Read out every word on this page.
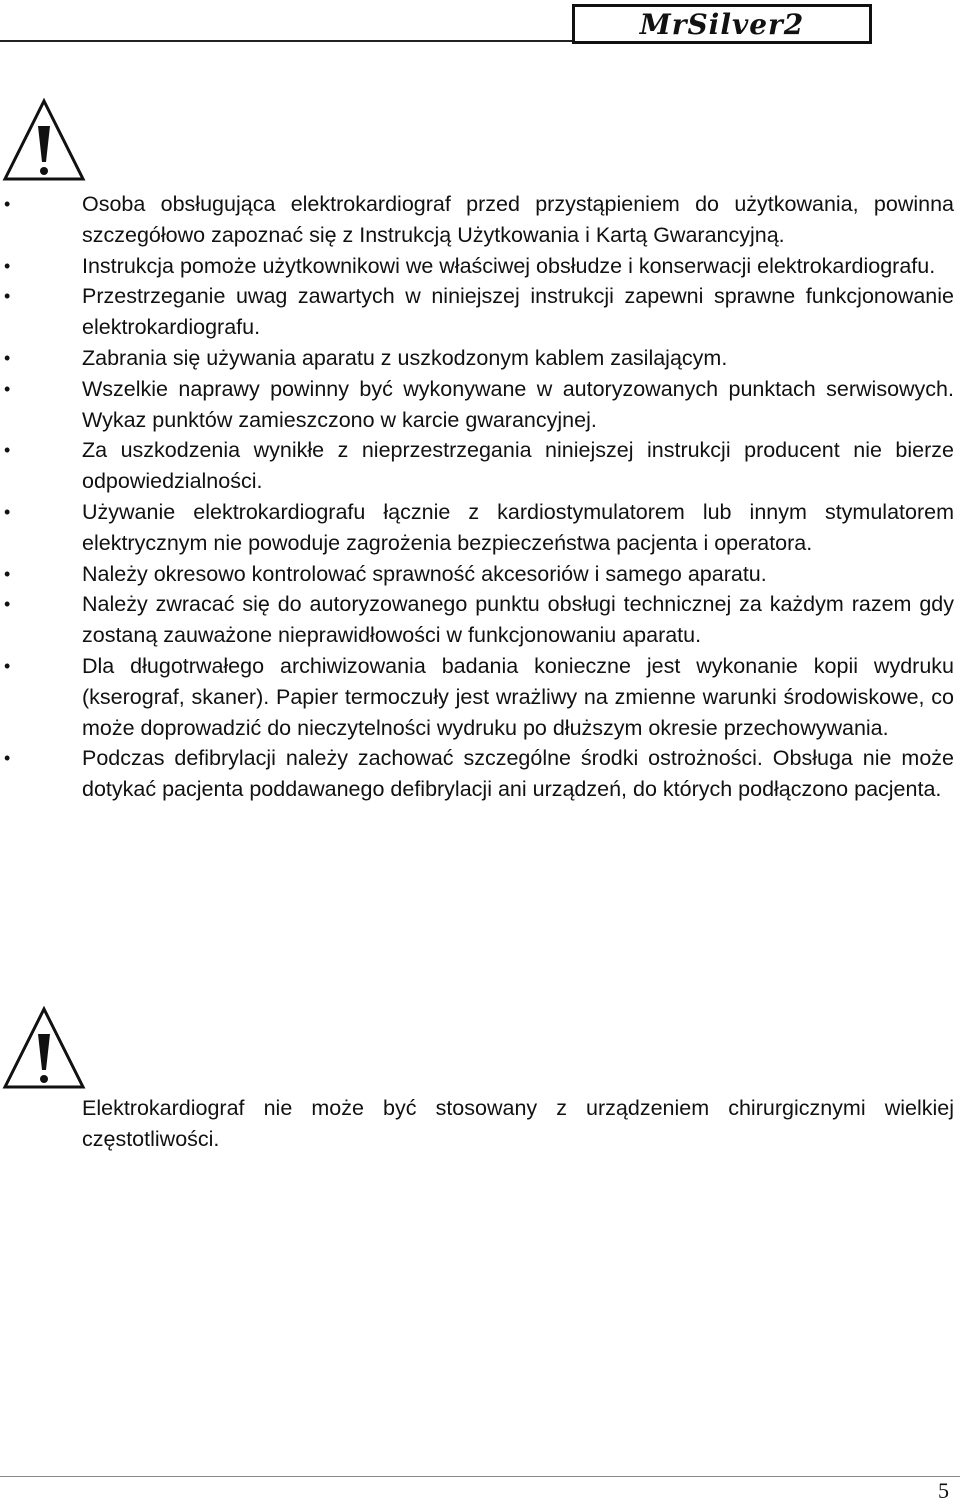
MrSilver2
•	Osoba obsługująca elektrokardiograf przed przystąpieniem do użytkowania, powinna szczegółowo zapoznać się z Instrukcją Użytkowania i Kartą Gwarancyjną.
•	Instrukcja pomoże użytkownikowi we właściwej obsłudze i konserwacji elektrokardiografu.
•	Przestrzeganie uwag zawartych w niniejszej instrukcji zapewni sprawne funkcjonowanie elektrokardiografu.
•	Zabrania się używania aparatu z uszkodzonym kablem zasilającym.
•	Wszelkie naprawy powinny być wykonywane w autoryzowanych punktach serwisowych. Wykaz punktów zamieszczono w karcie gwarancyjnej.
•	Za uszkodzenia wynikłe z nieprzestrzegania niniejszej instrukcji producent nie bierze odpowiedzialności.
•	Używanie elektrokardiografu łącznie z kardiostymulatorem lub innym stymulatorem elektrycznym nie powoduje zagrożenia bezpieczeństwa pacjenta i operatora.
•	Należy okresowo kontrolować sprawność akcesoriów i samego aparatu.
•	Należy zwracać się do autoryzowanego punktu obsługi technicznej za każdym razem gdy zostaną zauważone nieprawidłowości w funkcjonowaniu aparatu.
•	Dla długotrwałego archiwizowania badania konieczne jest wykonanie kopii wydruku (kserograf, skaner). Papier termoczuły jest wrażliwy na zmienne warunki środowiskowe, co może doprowadzić do nieczytelności wydruku po dłuższym okresie przechowywania.
•	Podczas defibrylacji należy zachować szczególne środki ostrożności. Obsługa nie może dotykać pacjenta poddawanego defibrylacji ani urządzeń, do których podłączono pacjenta.

Elektrokardiograf nie może być stosowany z urządzeniem chirurgicznymi wielkiej częstotliwości.

5
